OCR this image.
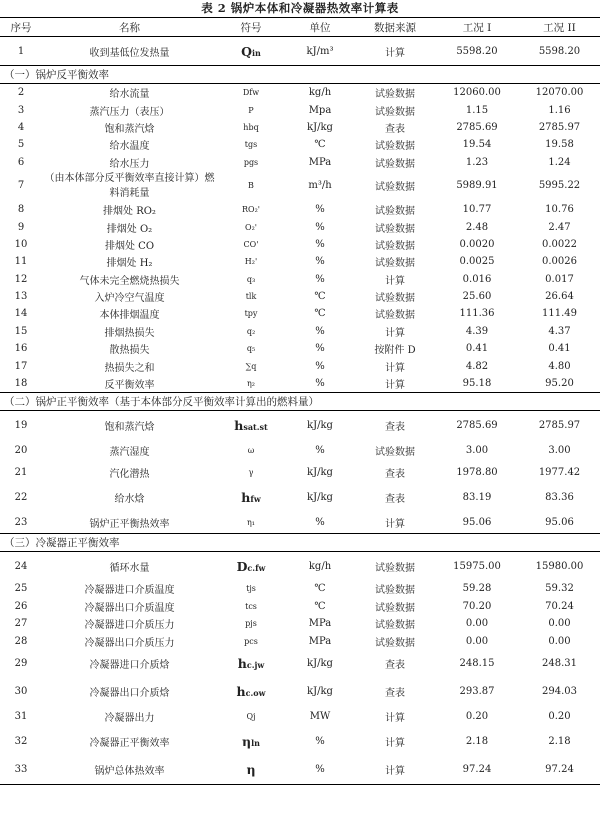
表 2 锅炉本体和冷凝器热效率计算表
序号	名称	符号	单位	数据来源	工况 I	工况 II
1	收到基低位发热量	Qin	kJ/m³	计算	5598.20	5598.20
（一）锅炉反平衡效率						
2	给水流量	Dfw	kg/h	试验数据	12060.00	12070.00
3	蒸汽压力（表压）	P	Mpa	试验数据	1.15	1.16
4	饱和蒸汽焓	hbq	kJ/kg	查表	2785.69	2785.97
5	给水温度	tgs	℃	试验数据	19.54	19.58
6	给水压力	pgs	MPa	试验数据	1.23	1.24
7	（由本体部分反平衡效率直接计算）燃料消耗量	B	m³/h	试验数据	5989.91	5995.22
8	排烟处 RO₂	RO₂'	%	试验数据	10.77	10.76
9	排烟处 O₂	O₂'	%	试验数据	2.48	2.47
10	排烟处 CO	CO'	%	试验数据	0.0020	0.0022
11	排烟处 H₂	H₂'	%	试验数据	0.0025	0.0026
12	气体未完全燃烧热损失	q₃	%	计算	0.016	0.017
13	入炉冷空气温度	tlk	℃	试验数据	25.60	26.64
14	本体排烟温度	tpy	℃	试验数据	111.36	111.49
15	排烟热损失	q₂	%	计算	4.39	4.37
16	散热损失	q₅	%	按附件 D	0.41	0.41
17	热损失之和	∑q	%	计算	4.82	4.80
18	反平衡效率	η₂	%	计算	95.18	95.20
（二）锅炉正平衡效率（基于本体部分反平衡效率计算出的燃料量）						
19	饱和蒸汽焓	hsat.st	kJ/kg	查表	2785.69	2785.97
20	蒸汽湿度	ω	%	试验数据	3.00	3.00
21	汽化潜热	γ	kJ/kg	查表	1978.80	1977.42
22	给水焓	hfw	kJ/kg	查表	83.19	83.36
23	锅炉正平衡热效率	η₁	%	计算	95.06	95.06
（三）冷凝器正平衡效率						
24	循环水量	Dc.fw	kg/h	试验数据	15975.00	15980.00
25	冷凝器进口介质温度	tjs	℃	试验数据	59.28	59.32
26	冷凝器出口介质温度	tcs	℃	试验数据	70.20	70.24
27	冷凝器进口介质压力	pjs	MPa	试验数据	0.00	0.00
28	冷凝器出口介质压力	pcs	MPa	试验数据	0.00	0.00
29	冷凝器进口介质焓	hc.jw	kJ/kg	查表	248.15	248.31
30	冷凝器出口介质焓	hc.ow	kJ/kg	查表	293.87	294.03
31	冷凝器出力	Qj	MW	计算	0.20	0.20
32	冷凝器正平衡效率	ηln	%	计算	2.18	2.18
33	锅炉总体热效率	η	%	计算	97.24	97.24
